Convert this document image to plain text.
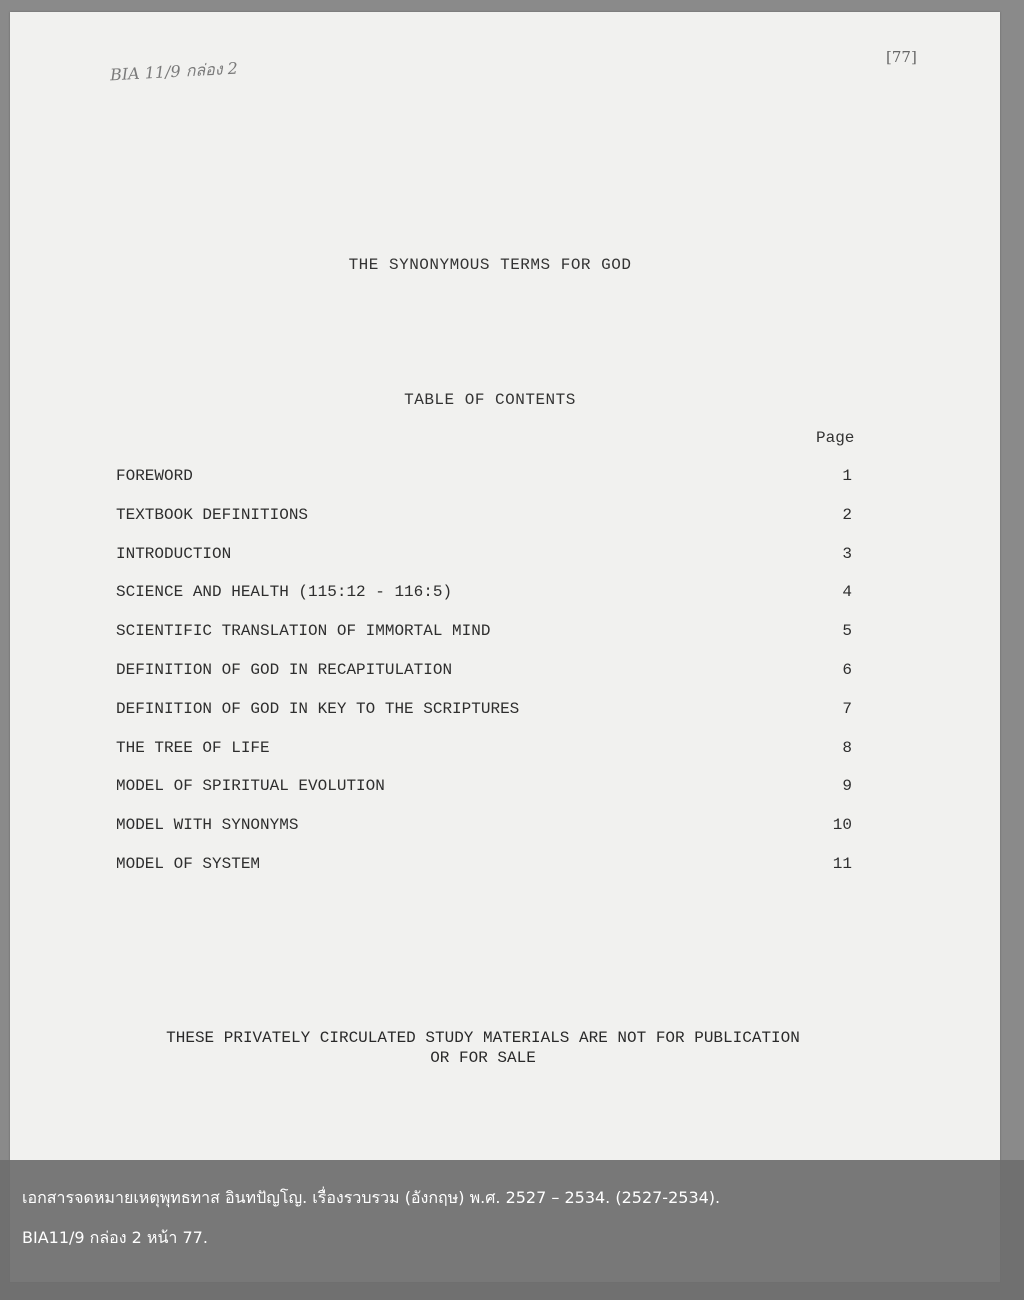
BIA 11/9 กล่อง 2
[77]
THE SYNONYMOUS TERMS FOR GOD
TABLE OF CONTENTS
Page
FOREWORD	1
TEXTBOOK DEFINITIONS	2
INTRODUCTION	3
SCIENCE AND HEALTH (115:12 - 116:5)	4
SCIENTIFIC TRANSLATION OF IMMORTAL MIND	5
DEFINITION OF GOD IN RECAPITULATION	6
DEFINITION OF GOD IN KEY TO THE SCRIPTURES	7
THE TREE OF LIFE	8
MODEL OF SPIRITUAL EVOLUTION	9
MODEL WITH SYNONYMS	10
MODEL OF SYSTEM	11
THESE PRIVATELY CIRCULATED STUDY MATERIALS ARE NOT FOR PUBLICATION
OR FOR SALE
เอกสารจดหมายเหตุพุทธทาส อินทปัญโญ. เรื่องรวบรวม (อังกฤษ) พ.ศ. 2527 – 2534. (2527-2534).
BIA11/9 กล่อง 2 หน้า 77.
